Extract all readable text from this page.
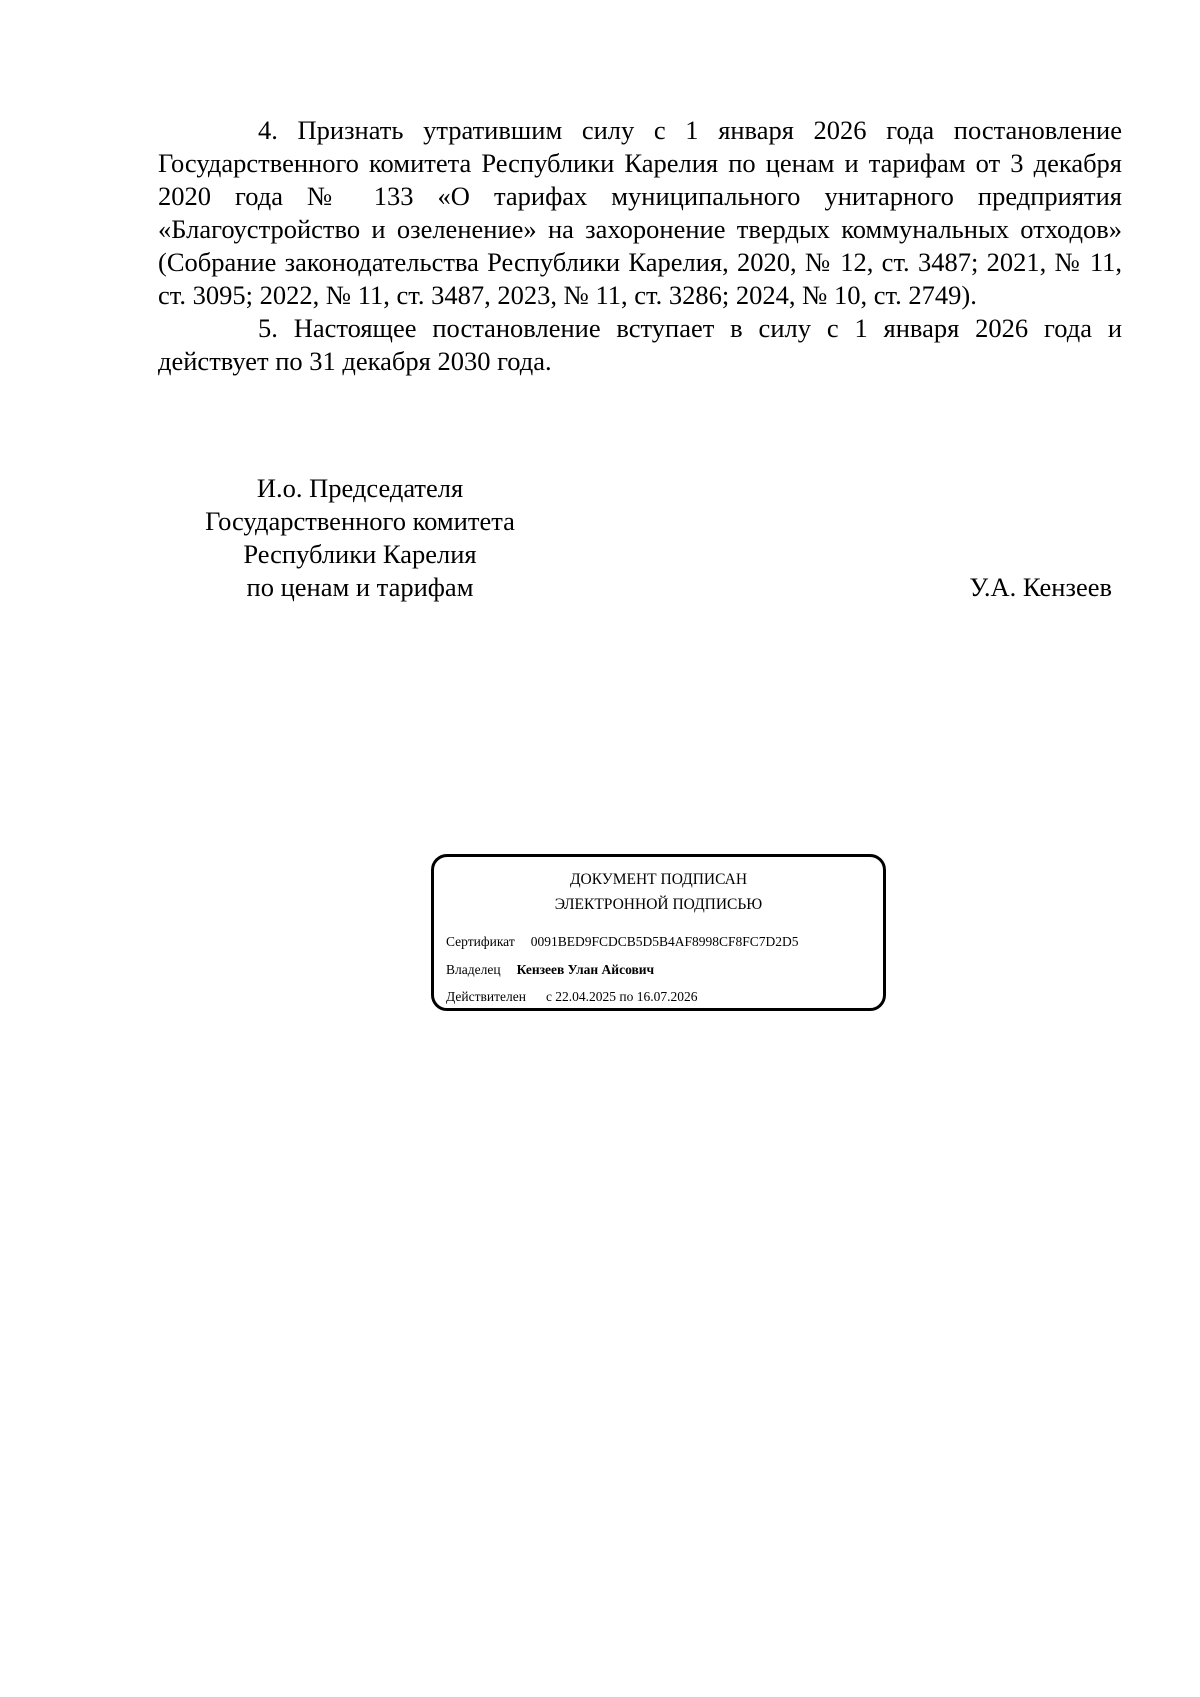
4. Признать утратившим силу с 1 января 2026 года постановление Государственного комитета Республики Карелия по ценам и тарифам от 3 декабря 2020 года № 133 «О тарифах муниципального унитарного предприятия «Благоустройство и озеленение» на захоронение твердых коммунальных отходов» (Собрание законодательства Республики Карелия, 2020, № 12, ст. 3487; 2021, № 11, ст. 3095; 2022, № 11, ст. 3487, 2023, № 11, ст. 3286; 2024, № 10, ст. 2749).

5. Настоящее постановление вступает в силу с 1 января 2026 года и действует по 31 декабря 2030 года.

И.о. Председателя
Государственного комитета
Республики Карелия
по ценам и тарифам	У.А. Кензеев
ДОКУМЕНТ ПОДПИСАН
ЭЛЕКТРОННОЙ ПОДПИСЬЮ
Сертификат 0091BED9FCDCB5D5B4AF8998CF8FC7D2D5
Владелец Кензеев Улан Айсович
Действителен с 22.04.2025 по 16.07.2026
